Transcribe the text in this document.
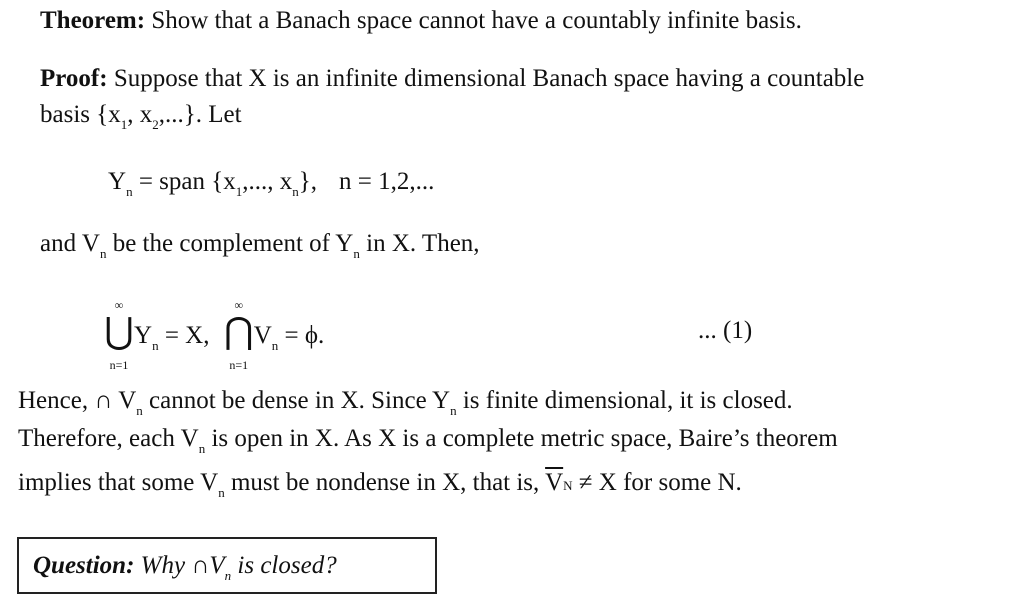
Theorem: Show that a Banach space cannot have a countably infinite basis.
Proof: Suppose that X is an infinite dimensional Banach space having a countable
basis {$x_1$, $x_2$,...}. Let
$Y_n$ = span {$x_1$,..., $x_n$}, n = 1,2,...
and $V_n$ be the complement of $Y_n$ in X. Then,
∞
⋃
n=1
$Y_n = X$,
∞
⋂
n=1
$V_n = \phi$.	... (1)
Hence, ∩ $V_n$ cannot be dense in X. Since $Y_n$ is finite dimensional, it is closed.
Therefore, each $V_n$ is open in X. As X is a complete metric space, Baire’s theorem
implies that some $V_n$ must be nondense in X, that is, $\overline{V}N \ne X$ for some N.
Question: Why $\cap V_n$ is closed?
